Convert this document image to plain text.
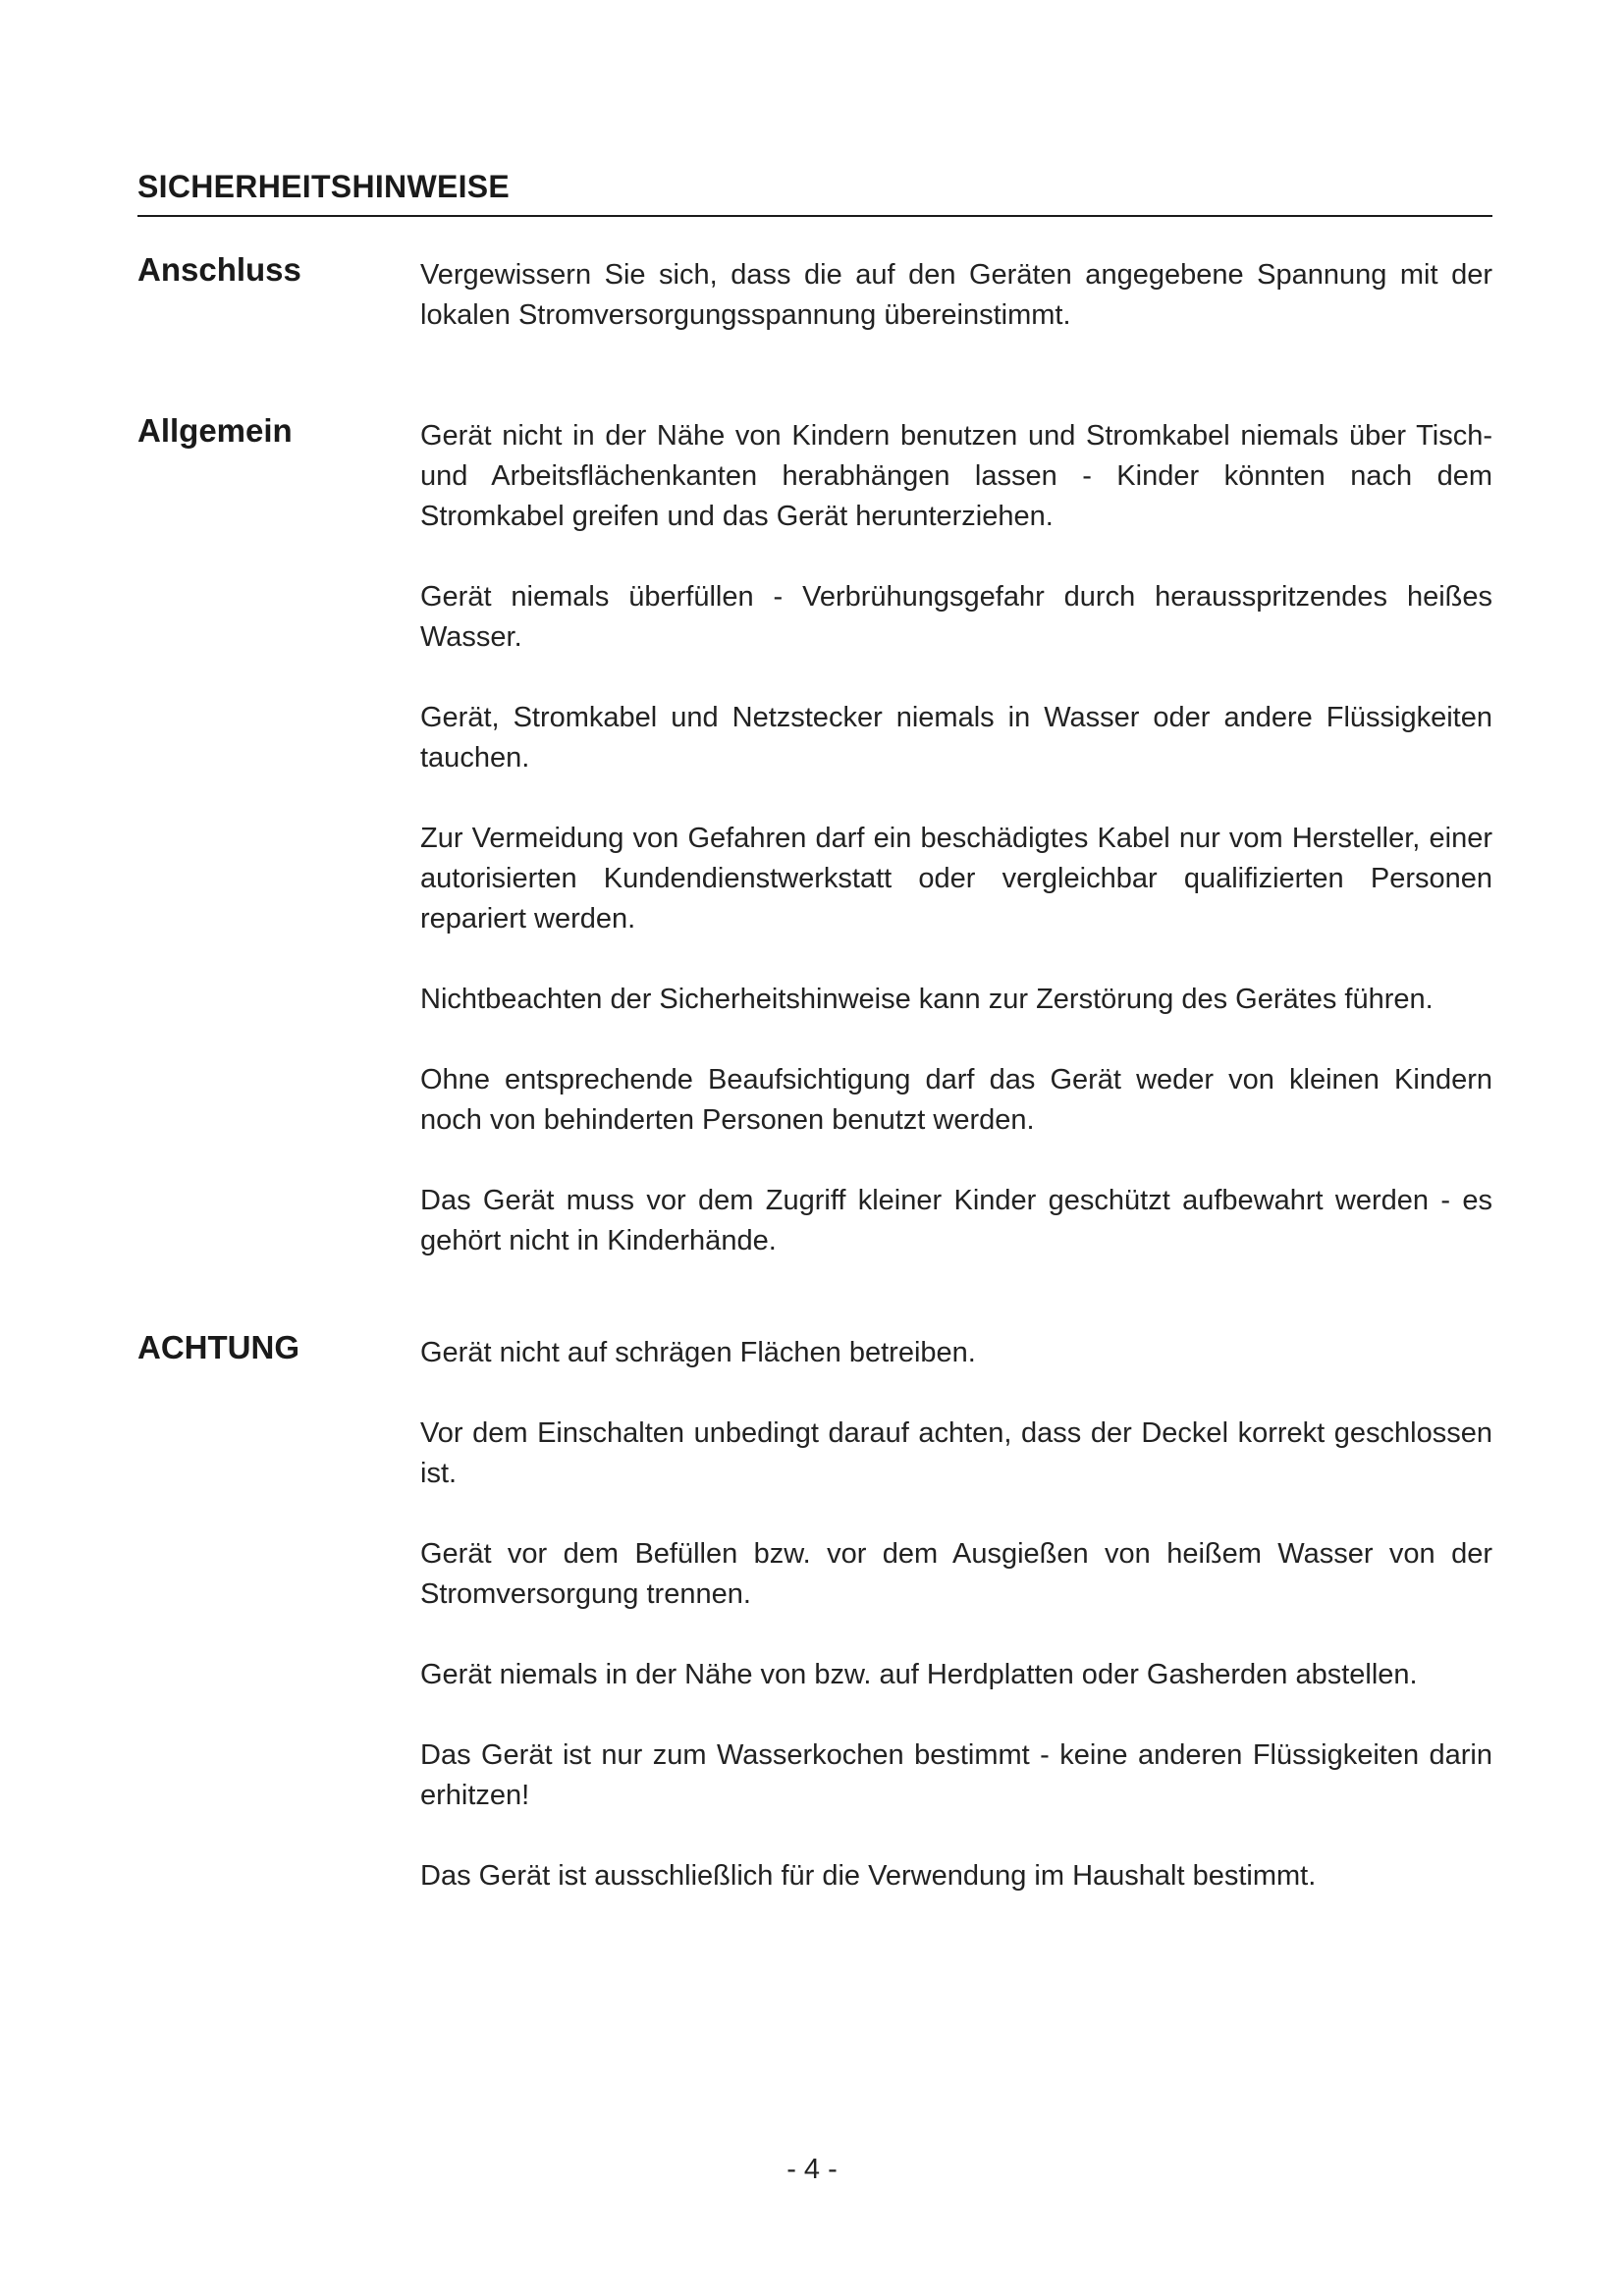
SICHERHEITSHINWEISE
Anschluss	Vergewissern Sie sich, dass die auf den Geräten angegebene Spannung mit der lokalen Stromversorgungsspannung übereinstimmt.

Allgemein	Gerät nicht in der Nähe von Kindern benutzen und Stromkabel niemals über Tisch- und Arbeitsflächenkanten herabhängen lassen - Kinder könnten nach dem Stromkabel greifen und das Gerät herunterziehen.

Gerät niemals überfüllen - Verbrühungsgefahr durch herausspritzendes heißes Wasser.

Gerät, Stromkabel und Netzstecker niemals in Wasser oder andere Flüssigkeiten tauchen.

Zur Vermeidung von Gefahren darf ein beschädigtes Kabel nur vom Hersteller, einer autorisierten Kundendienstwerkstatt oder vergleichbar qualifizierten Personen repariert werden.

Nichtbeachten der Sicherheitshinweise kann zur Zerstörung des Gerätes führen.

Ohne entsprechende Beaufsichtigung darf das Gerät weder von kleinen Kindern noch von behinderten Personen benutzt werden.

Das Gerät muss vor dem Zugriff kleiner Kinder geschützt aufbewahrt werden - es gehört nicht in Kinderhände.

ACHTUNG	Gerät nicht auf schrägen Flächen betreiben.

Vor dem Einschalten unbedingt darauf achten, dass der Deckel korrekt geschlossen ist.

Gerät vor dem Befüllen bzw. vor dem Ausgießen von heißem Wasser von der Stromversorgung trennen.

Gerät niemals in der Nähe von bzw. auf Herdplatten oder Gasherden abstellen.

Das Gerät ist nur zum Wasserkochen bestimmt - keine anderen Flüssigkeiten darin erhitzen!

Das Gerät ist ausschließlich für die Verwendung im Haushalt bestimmt.

- 4 -
